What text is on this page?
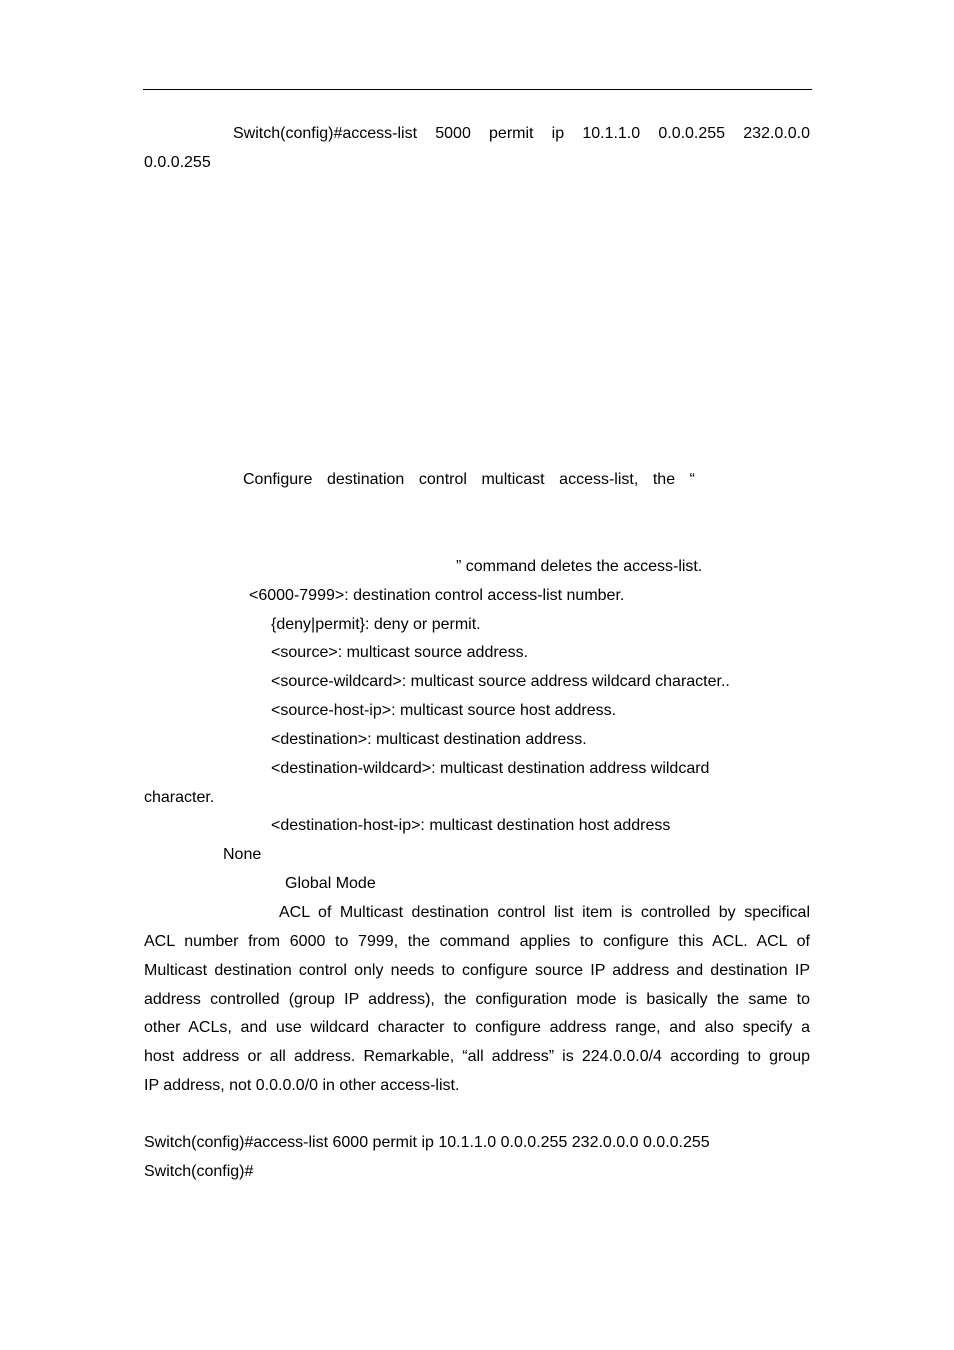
Switch(config)#access-list 5000 permit ip 10.1.1.0 0.0.0.255 232.0.0.0
0.0.0.255
Configure destination control multicast access-list, the “
” command deletes the access-list.
<6000-7999>: destination control access-list number.
{deny|permit}: deny or permit.
<source>: multicast source address.
<source-wildcard>: multicast source address wildcard character..
<source-host-ip>: multicast source host address.
<destination>: multicast destination address.
<destination-wildcard>: multicast destination address wildcard
character.
<destination-host-ip>: multicast destination host address
None
Global Mode
ACL of Multicast destination control list item is controlled by specifical
ACL number from 6000 to 7999, the command applies to configure this ACL. ACL of
Multicast destination control only needs to configure source IP address and destination IP
address controlled (group IP address), the configuration mode is basically the same to
other ACLs, and use wildcard character to configure address range, and also specify a
host address or all address. Remarkable, “all address” is 224.0.0.0/4 according to group
IP address, not 0.0.0.0/0 in other access-list.
Switch(config)#access-list 6000 permit ip 10.1.1.0 0.0.0.255 232.0.0.0 0.0.0.255
Switch(config)#
